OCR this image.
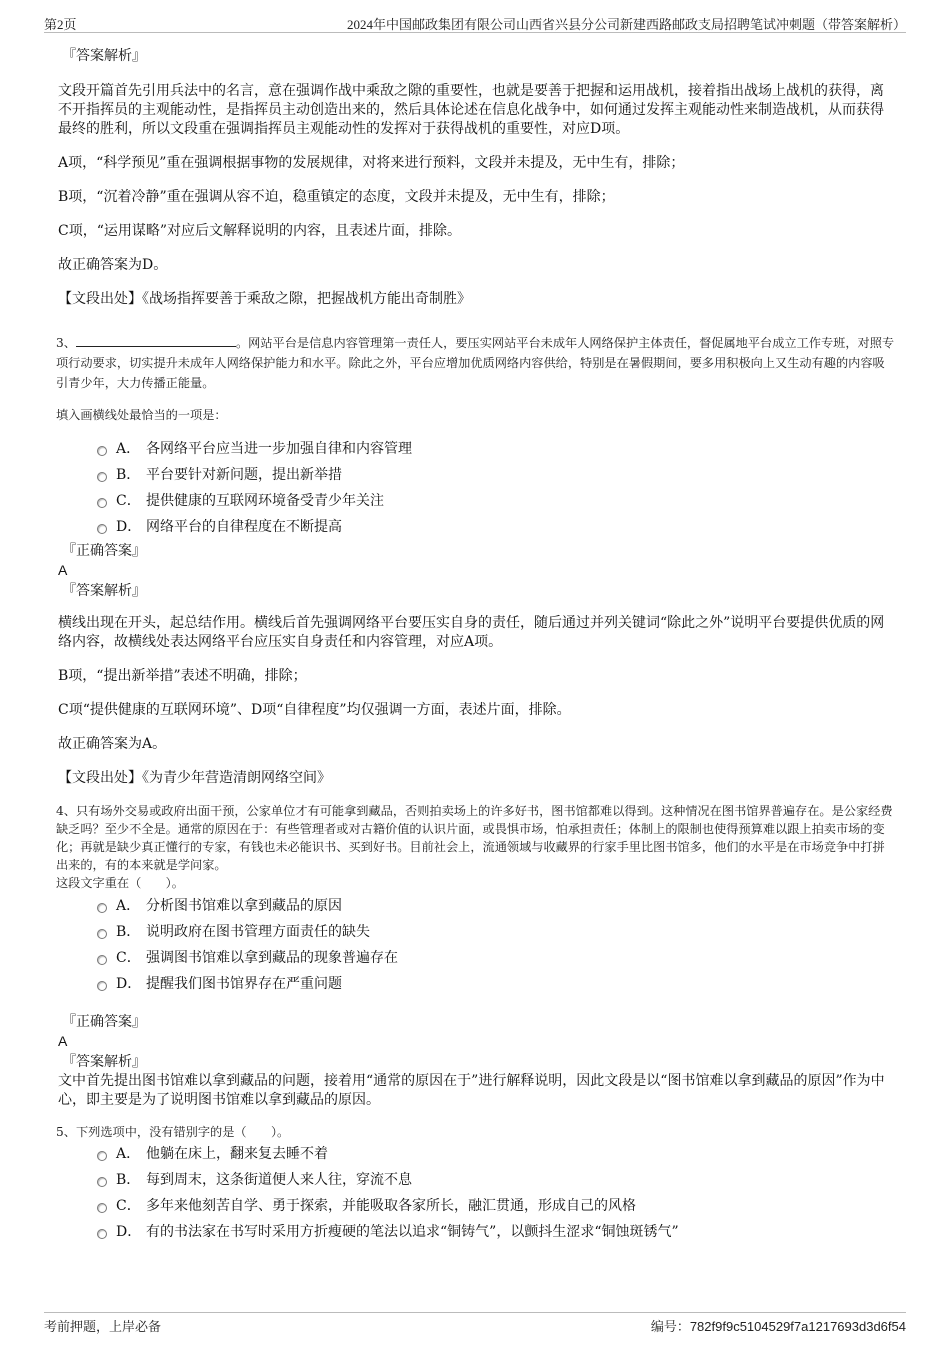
第2页	2024年中国邮政集团有限公司山西省兴县分公司新建西路邮政支局招聘笔试冲刺题（带答案解析）

『答案解析』

文段开篇首先引用兵法中的名言，意在强调作战中乘敌之隙的重要性，也就是要善于把握和运用战机，接着指出战场上战机的获得，离不开指挥员的主观能动性，是指挥员主动创造出来的，然后具体论述在信息化战争中，如何通过发挥主观能动性来制造战机，从而获得最终的胜利，所以文段重在强调指挥员主观能动性的发挥对于获得战机的重要性，对应D项。

A项，“科学预见”重在强调根据事物的发展规律，对将来进行预料，文段并未提及，无中生有，排除；

B项，“沉着冷静”重在强调从容不迫，稳重镇定的态度，文段并未提及，无中生有，排除；

C项，“运用谋略”对应后文解释说明的内容，且表述片面，排除。

故正确答案为D。

【文段出处】《战场指挥要善于乘敌之隙，把握战机方能出奇制胜》

3、	。网站平台是信息内容管理第一责任人，要压实网站平台未成年人网络保护主体责任，督促属地平台成立工作专班，对照专项行动要求，切实提升未成年人网络保护能力和水平。除此之外，平台应增加优质网络内容供给，特别是在暑假期间，要多用积极向上又生动有趣的内容吸引青少年，大力传播正能量。

填入画横线处最恰当的一项是：

A． 各网络平台应当进一步加强自律和内容管理
B． 平台要针对新问题，提出新举措
C． 提供健康的互联网环境备受青少年关注
D． 网络平台的自律程度在不断提高

『正确答案』

A

『答案解析』

横线出现在开头，起总结作用。横线后首先强调网络平台要压实自身的责任，随后通过并列关键词“除此之外”说明平台要提供优质的网络内容，故横线处表达网络平台应压实自身责任和内容管理，对应A项。

B项，“提出新举措”表述不明确，排除；

C项“提供健康的互联网环境”、D项“自律程度”均仅强调一方面，表述片面，排除。

故正确答案为A。

【文段出处】《为青少年营造清朗网络空间》

4、只有场外交易或政府出面干预，公家单位才有可能拿到藏品，否则拍卖场上的许多好书，图书馆都难以得到。这种情况在图书馆界普遍存在。是公家经费缺乏吗？至少不全是。通常的原因在于：有些管理者或对古籍价值的认识片面，或畏惧市场，怕承担责任；体制上的限制也使得预算难以跟上拍卖市场的变化；再就是缺少真正懂行的专家，有钱也未必能识书、买到好书。目前社会上，流通领域与收藏界的行家手里比图书馆多，他们的水平是在市场竞争中打拼出来的，有的本来就是学问家。

这段文字重在（　　）。

A． 分析图书馆难以拿到藏品的原因
B． 说明政府在图书管理方面责任的缺失
C． 强调图书馆难以拿到藏品的现象普遍存在
D． 提醒我们图书馆界存在严重问题

『正确答案』

A

『答案解析』

文中首先提出图书馆难以拿到藏品的问题，接着用“通常的原因在于”进行解释说明，因此文段是以“图书馆难以拿到藏品的原因”作为中心，即主要是为了说明图书馆难以拿到藏品的原因。

5、下列选项中，没有错别字的是（　　）。

A． 他躺在床上，翻来复去睡不着
B． 每到周末，这条街道便人来人往，穿流不息
C． 多年来他刻苦自学、勇于探索，并能吸取各家所长，融汇贯通，形成自己的风格
D． 有的书法家在书写时采用方折瘦硬的笔法以追求“铜铸气”，以颤抖生涩求“铜蚀斑锈气”
考前押题，上岸必备	编号：782f9f9c5104529f7a1217693d3d6f54
